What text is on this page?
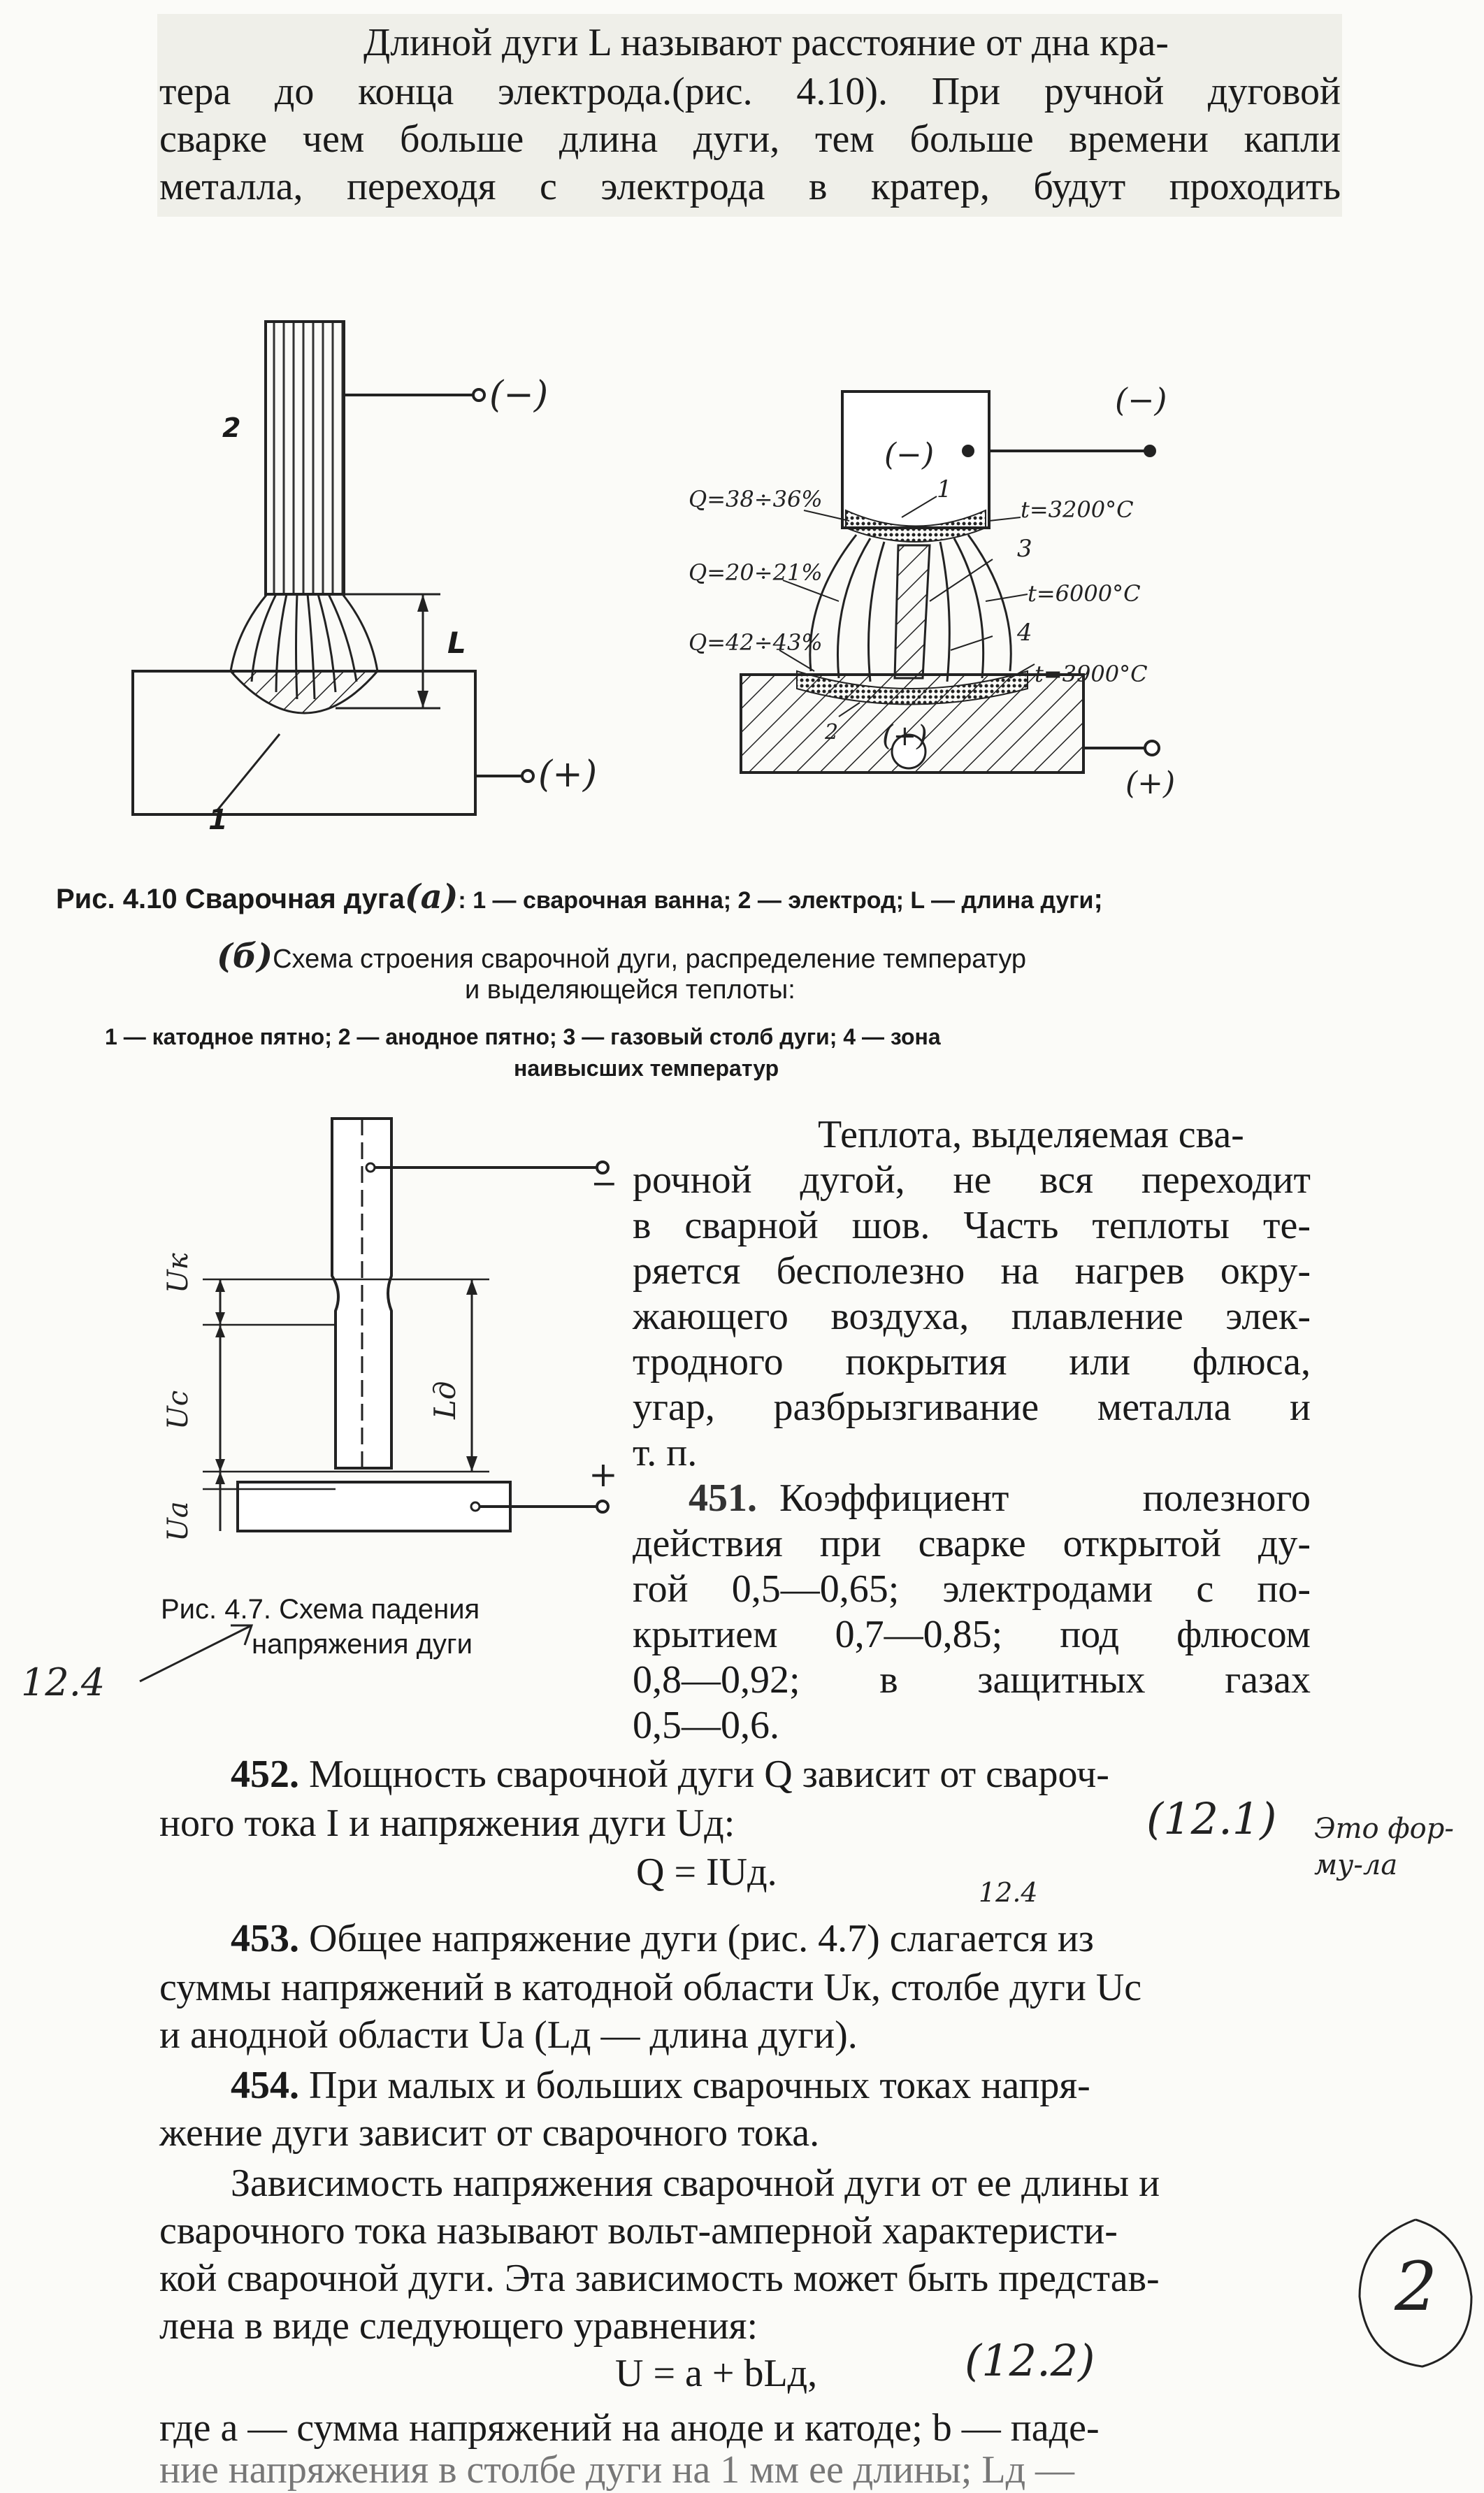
Длиной дуги L называют расстояние от дна кра-
тера до конца электрода.(рис. 4.10). При ручной дуговой
сварке чем больше длина дуги, тем больше времени капли
металла, переходя с электрода в кратер, будут проходить
2
1
L
(−)
(+)
(−)
(−)
(+)
(+)
Q=38÷36%
Q=20÷21%
Q=42÷43%
t=3200°C
t=6000°C
t=3900°C
1
2
3
4
Рис. 4.10 Сварочная дуга(а): 1 — сварочная ванна; 2 — электрод; L — длина дуги;
(б)Схема строения сварочной дуги, распределение температур
и выделяющейся теплоты:
1 — катодное пятно; 2 — анодное пятно; 3 — газовый столб дуги; 4 — зона
наивысших температур
Uк
Uc
Uа
Lд
−
+
Рис. 4.7. Схема падения
напряжения дуги
12.4
Теплота, выделяемая сва-
рочной дугой, не вся переходит
в сварной шов. Часть теплоты те-
ряется бесполезно на нагрев окру-
жающего воздуха, плавление элек-
тродного покрытия или флюса,
угар, разбрызгивание металла и
т. п.
451. Коэффициент полезного
действия при сварке открытой ду-
гой 0,5—0,65; электродами с по-
крытием 0,7—0,85; под флюсом
0,8—0,92; в защитных газах
0,5—0,6.
452. Мощность сварочной дуги Q зависит от свароч-
ного тока I и напряжения дуги Uд:
Q = IUд.
(12.1) Это фор-му-ла
453. Общее напряжение дуги (рис. 4.7) слагается из
суммы напряжений в катодной области Uк, столбе дуги Uс
и анодной области Uа (Lд — длина дуги).
12.4
454. При малых и больших сварочных токах напря-
жение дуги зависит от сварочного тока.
Зависимость напряжения сварочной дуги от ее длины и
сварочного тока называют вольт-амперной характеристи-
кой сварочной дуги. Эта зависимость может быть представ-
лена в виде следующего уравнения:
U = a + bLд,	(12.2)
2
где a — сумма напряжений на аноде и катоде; b — паде-
ние напряжения в столбе дуги на 1 мм ее длины; Lд —
